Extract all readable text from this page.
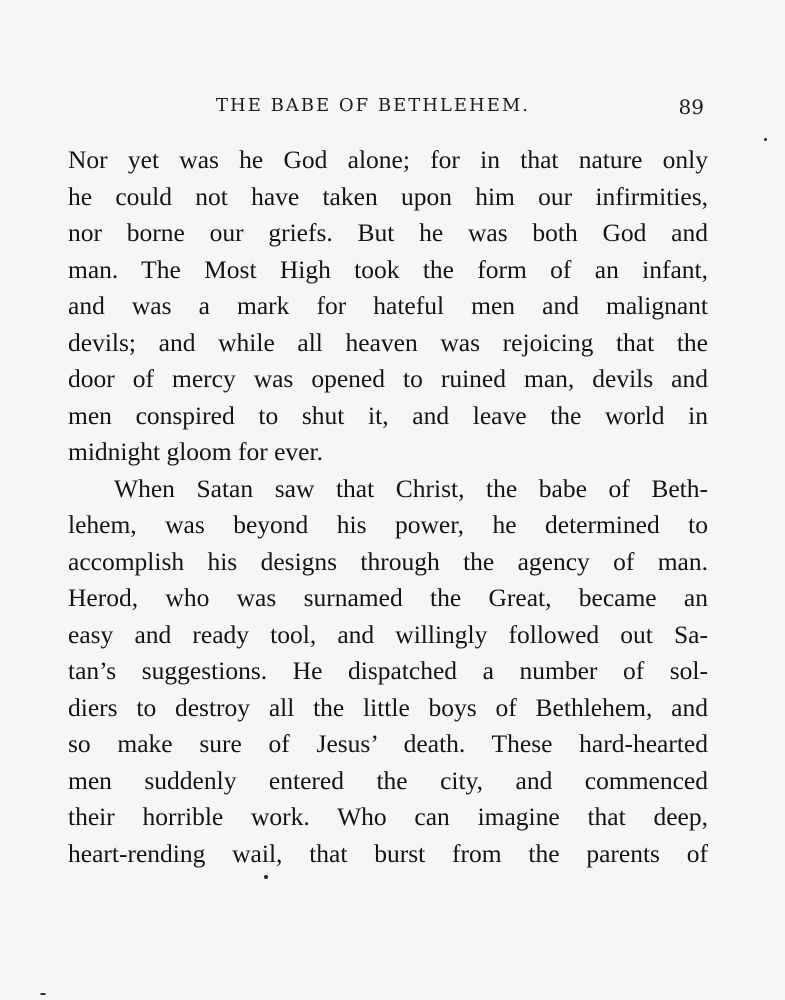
THE BABE OF BETHLEHEM.	89
Nor yet was he God alone; for in that nature only
he could not have taken upon him our infirmities,
nor borne our griefs. But he was both God and
man. The Most High took the form of an infant,
and was a mark for hateful men and malignant
devils; and while all heaven was rejoicing that the
door of mercy was opened to ruined man, devils and
men conspired to shut it, and leave the world in
midnight gloom for ever.
When Satan saw that Christ, the babe of Beth-
lehem, was beyond his power, he determined to
accomplish his designs through the agency of man.
Herod, who was surnamed the Great, became an
easy and ready tool, and willingly followed out Sa-
tan’s suggestions. He dispatched a number of sol-
diers to destroy all the little boys of Bethlehem, and
so make sure of Jesus’ death. These hard-hearted
men suddenly entered the city, and commenced
their horrible work. Who can imagine that deep,
heart-rending wail, that burst from the parents of
